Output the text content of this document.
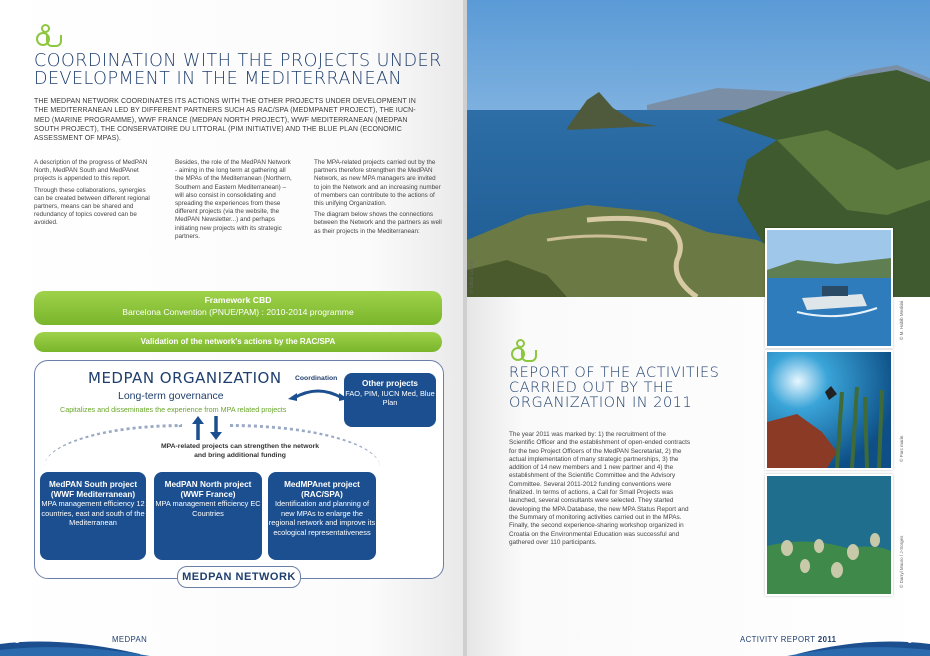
COORDINATION WITH THE PROJECTS UNDER
DEVELOPMENT IN THE MEDITERRANEAN
THE MEDPAN NETWORK COORDINATES ITS ACTIONS WITH THE OTHER PROJECTS UNDER DEVELOPMENT IN THE MEDITERRANEAN LED BY DIFFERENT PARTNERS SUCH AS RAC/SPA (MEDMPANET PROJECT), THE IUCN-MED (MARINE PROGRAMME), WWF FRANCE (MEDPAN NORTH PROJECT), WWF MEDITERRANEAN (MEDPAN SOUTH PROJECT), THE CONSERVATOIRE DU LITTORAL (PIM INITIATIVE) AND THE BLUE PLAN (ECONOMIC ASSESSMENT OF MPAS).

A description of the progress of MedPAN North, MedPAN South and MedPAnet projects is appended to this report.

Through these collaborations, synergies can be created between different regional partners, means can be shared and redundancy of topics covered can be avoided.

Besides, the role of the MedPAN Network - aiming in the long term at gathering all the MPAs of the Mediterranean (Northern, Southern and Eastern Mediterranean) – will also consist in consolidating and spreading the experiences from these different projects (via the website, the MedPAN Newsletter...) and perhaps initiating new projects with its strategic partners.

The MPA-related projects carried out by the partners therefore strengthen the MedPAN Network, as new MPA managers are invited to join the Network and an increasing number of members can contribute to the actions of this unifying Organization.

The diagram below shows the connections between the Network and the partners as well as their projects in the Mediterranean:

Framework CBD
Barcelona Convention (PNUE/PAM) : 2010-2014 programme
Validation of the network's actions by the RAC/SPA
MEDPAN ORGANIZATION
Long-term governance
Capitalizes and disseminates the experience from MPA related projects
Coordination
Other projects
FAO, PIM, IUCN Med, Blue Plan
MPA-related projects can strengthen the network
and bring additional funding
MedPAN South project
(WWF Mediterranean)
MPA management efficiency 12 countries, east and south of the Mediterranean
MedPAN North project
(WWF France)
MPA management efficiency EC Countries
MedMPAnet project
(RAC/SPA)
Identification and planning of new MPAs to enlarge the regional network and improve its ecological representativeness
MEDPAN NETWORK
8	MEDPAN
© Chloé Lacault
© M. Habib Meskini
© Parc marin
© Darryl Mauro / J-Sorges
REPORT OF THE ACTIVITIES
CARRIED OUT BY THE
ORGANIZATION IN 2011
The year 2011 was marked by: 1) the recruitment of the Scientific Officer and the establishment of open-ended contracts for the two Project Officers of the MedPAN Secretariat, 2) the actual implementation of many strategic partnerships, 3) the addition of 14 new members and 1 new partner and 4) the establishment of the Scientific Committee and the Advisory Committee. Several 2011-2012 funding conventions were finalized. In terms of actions, a Call for Small Projects was launched, several consultants were selected. They started developing the MPA Database, the new MPA Status Report and the Summary of monitoring activities carried out in the MPAs. Finally, the second experience-sharing workshop organized in Croatia on the Environmental Education was successful and gathered over 110 participants.
ACTIVITY REPORT 2011	9
